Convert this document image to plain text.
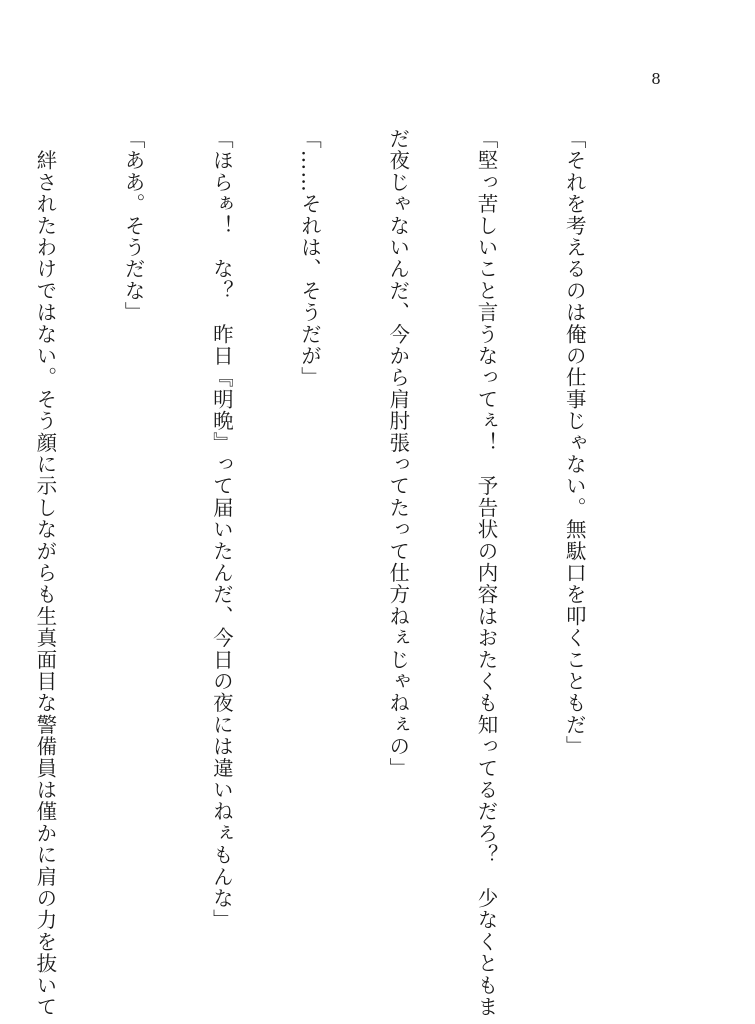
8

「それを考えるのは俺の仕事じゃない。無駄口を叩くこともだ」

「堅っ苦しいこと言うなってぇ！　予告状の内容はおたくも知ってるだろ？　少なくともま

だ夜じゃないんだ、今から肩肘張ってたって仕方ねぇじゃねぇの」

「……それは、そうだが」

「ほらぁ！　な？　昨日『明晩』って届いたんだ、今日の夜には違いねぇもんな」

「ああ。そうだな」

　絆されたわけではない。そう顔に示しながらも生真面目な警備員は僅かに肩の力を抜いて
